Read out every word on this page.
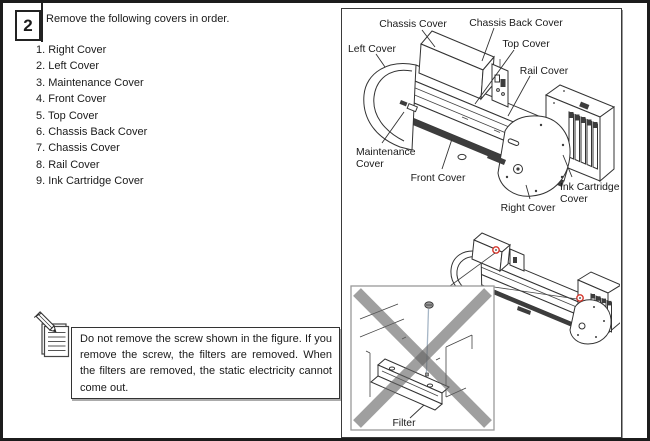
2 Remove the following covers in order.
1. Right Cover
2. Left Cover
3. Maintenance Cover
4. Front Cover
5. Top Cover
6. Chassis Back Cover
7. Chassis Cover
8. Rail Cover
9. Ink Cartridge Cover
Do not remove the screw shown in the figure. If you remove the screw, the filters are removed. When the filters are removed, the static electricity cannot come out.
Chassis Cover Chassis Back Cover
Top Cover
Rail Cover
Left Cover
Maintenance
Cover
Front Cover
Right Cover
Ink Cartridge
Cover
Filter
